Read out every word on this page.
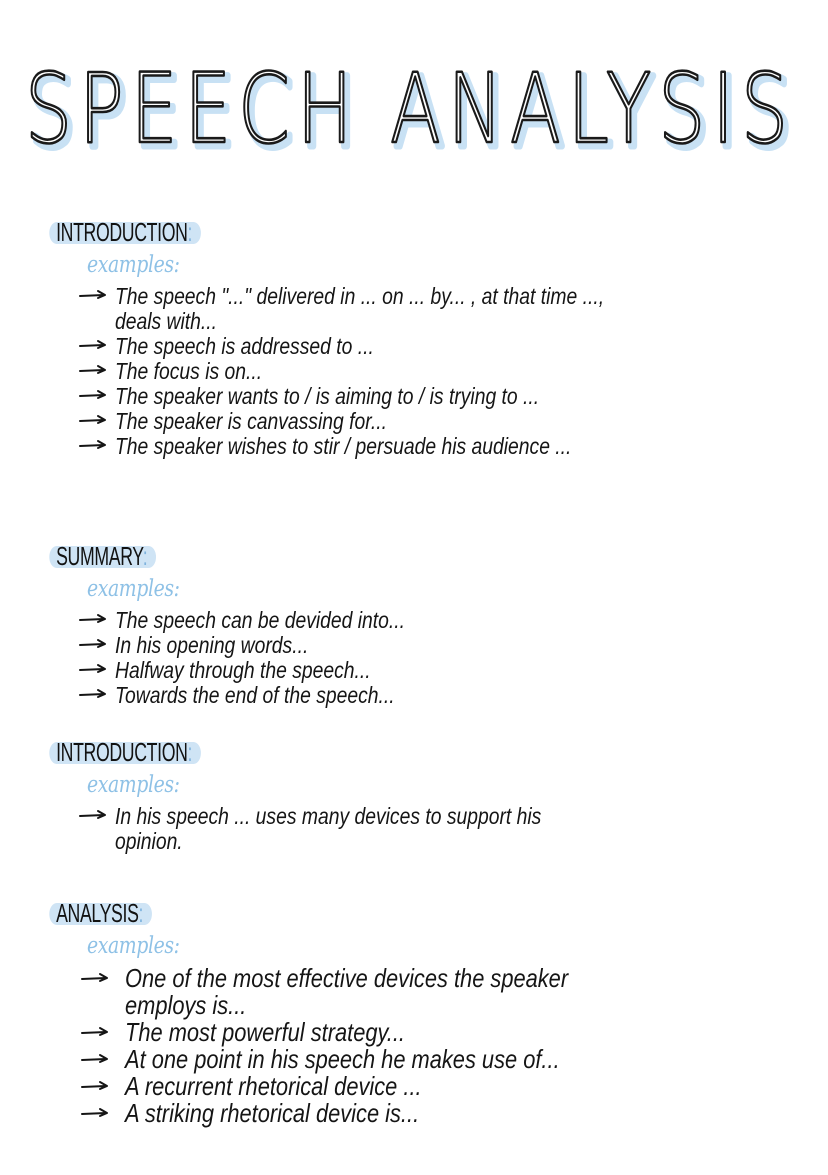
SPEECH ANALYSIS
SPEECH ANALYSIS
INTRODUCTION:
examples:
The speech "..." delivered in ... on ... by... , at that time ..., deals with...
The speech is addressed to ...
The focus is on...
The speaker wants to / is aiming to / is trying to ...
The speaker is canvassing for...
The speaker wishes to stir / persuade his audience ...
SUMMARY:
examples:
The speech can be devided into...
In his opening words...
Halfway through the speech...
Towards the end of the speech...
INTRODUCTION:
examples:
In his speech ... uses many devices to support his opinion.
ANALYSIS:
examples:
One of the most effective devices the speaker employs is...
The most powerful strategy...
At one point in his speech he makes use of...
A recurrent rhetorical device ...
A striking rhetorical device is...
